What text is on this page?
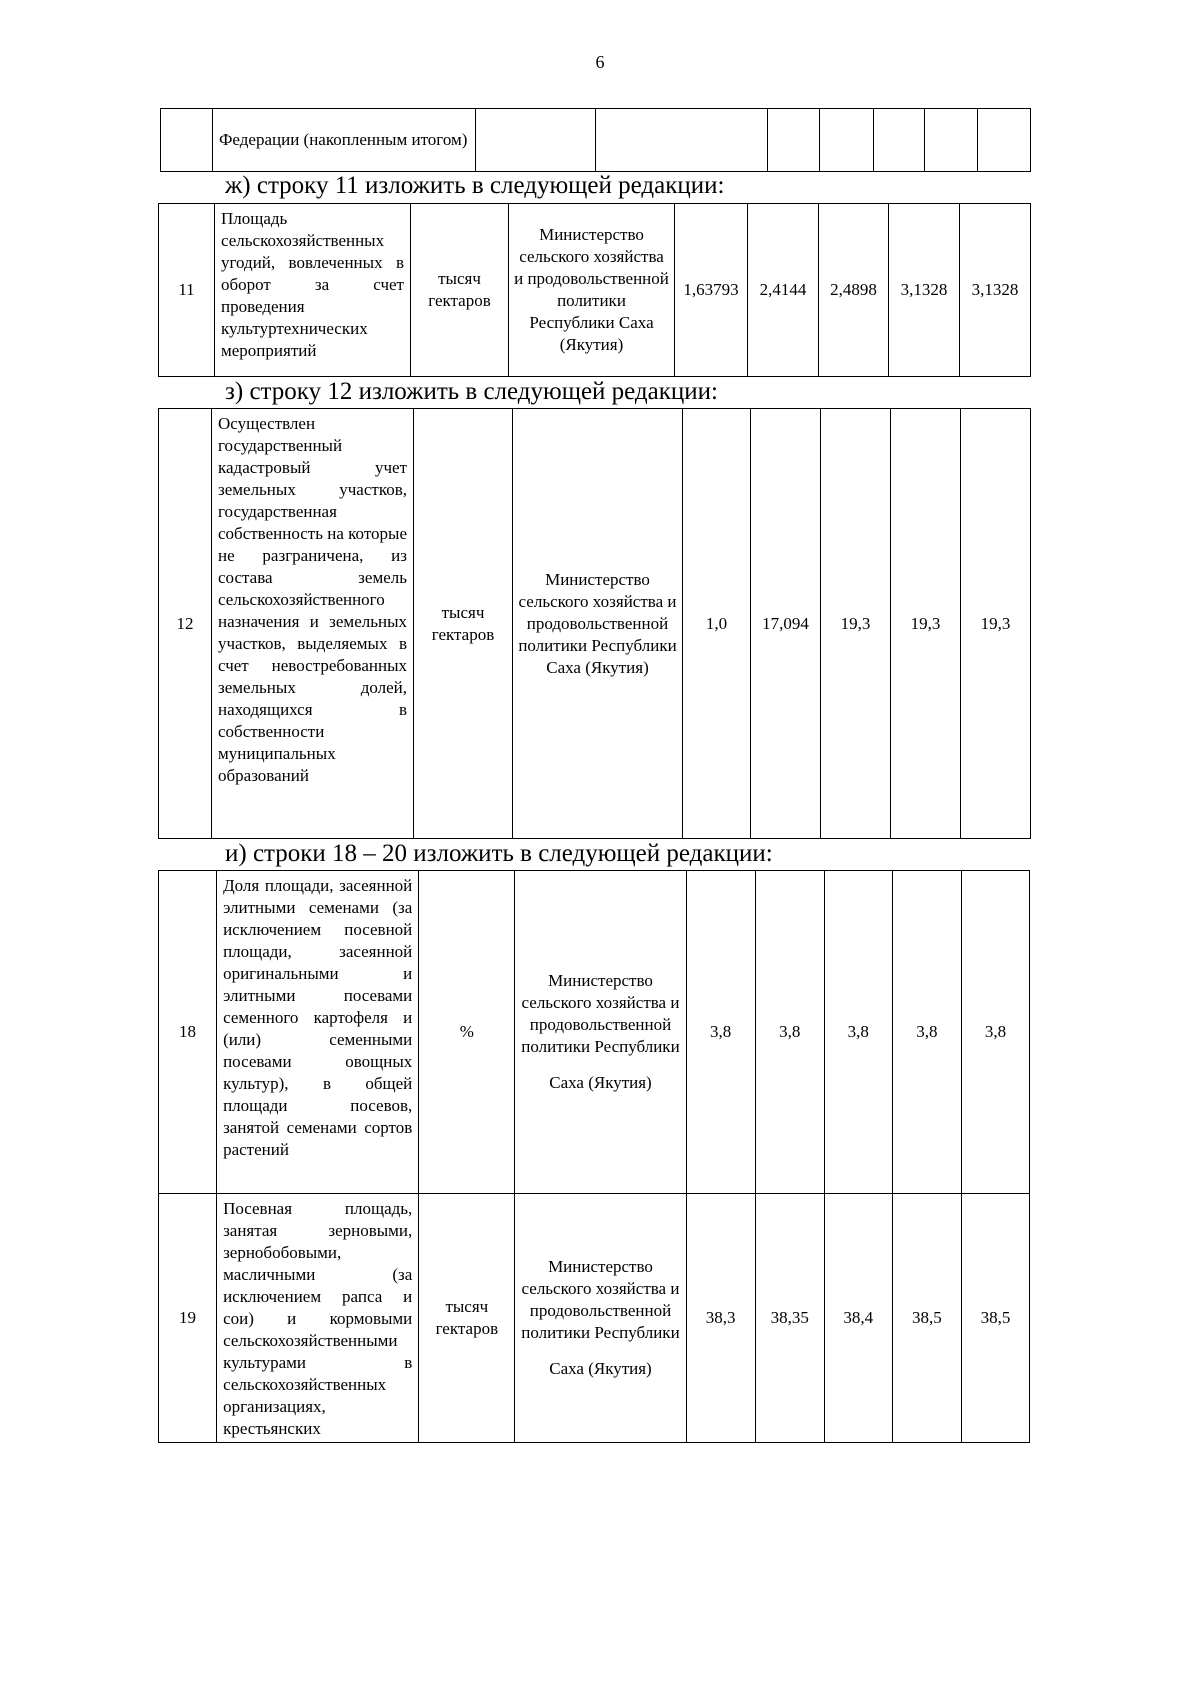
6
	Федерации (накопленным итогом)							
ж) строку 11 изложить в следующей редакции:
11	Площадь сельскохозяйственных угодий, вовлеченных в оборот за счет проведения культуртехнических мероприятий	тысяч гектаров	Министерство сельского хозяйства и продовольственной политики Республики Саха (Якутия)	1,63793	2,4144	2,4898	3,1328	3,1328
з) строку 12 изложить в следующей редакции:
12	Осуществлен государственный кадастровый учет земельных участков, государственная собственность на которые не разграничена, из состава земель сельскохозяйственного назначения и земельных участков, выделяемых в счет невостребованных земельных долей, находящихся в собственности муниципальных образований	тысяч гектаров	Министерство сельского хозяйства и продовольственной политики Республики Саха (Якутия)	1,0	17,094	19,3	19,3	19,3
и) строки 18 – 20 изложить в следующей редакции:
18	Доля площади, засеянной элитными семенами (за исключением посевной площади, засеянной оригинальными и элитными посевами семенного картофеля и (или) семенными посевами овощных культур), в общей площади посевов, занятой семенами сортов растений	%	Министерство сельского хозяйства и продовольственной политики Республики
Саха (Якутия)	3,8	3,8	3,8	3,8	3,8
19	Посевная площадь, занятая зерновыми, зернобобовыми, масличными (за исключением рапса и сои) и кормовыми сельскохозяйственными культурами в сельскохозяйственных организациях, крестьянских	тысяч гектаров	Министерство сельского хозяйства и продовольственной политики Республики
Саха (Якутия)	38,3	38,35	38,4	38,5	38,5
